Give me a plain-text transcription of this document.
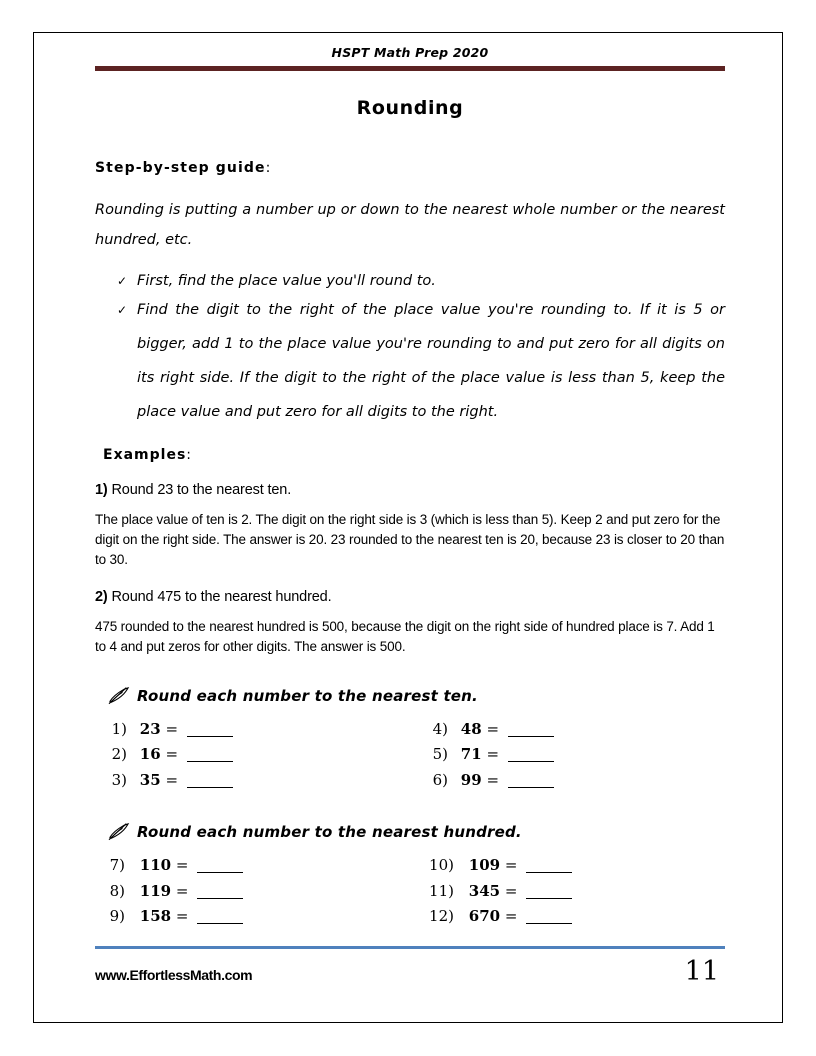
HSPT Math Prep 2020
Rounding
Step-by-step guide:

Rounding is putting a number up or down to the nearest whole number or the nearest hundred, etc.

✓ First, find the place value you'll round to.
✓ Find the digit to the right of the place value you're rounding to. If it is 5 or bigger, add 1 to the place value you're rounding to and put zero for all digits on its right side. If the digit to the right of the place value is less than 5, keep the place value and put zero for all digits to the right.
Examples:
1) Round 23 to the nearest ten.
The place value of ten is 2. The digit on the right side is 3 (which is less than 5). Keep 2 and put zero for the digit on the right side. The answer is 20. 23 rounded to the nearest ten is 20, because 23 is closer to 20 than to 30.
2) Round 475 to the nearest hundred.
475 rounded to the nearest hundred is 500, because the digit on the right side of hundred place is 7. Add 1 to 4 and put zeros for other digits. The answer is 500.
Round each number to the nearest ten.
1) 23 =
2) 16 =
3) 35 =
4) 48 =
5) 71 =
6) 99 =
Round each number to the nearest hundred.
7) 110 =
8) 119 =
9) 158 =
10) 109 =
11) 345 =
12) 670 =
www.EffortlessMath.com	11
